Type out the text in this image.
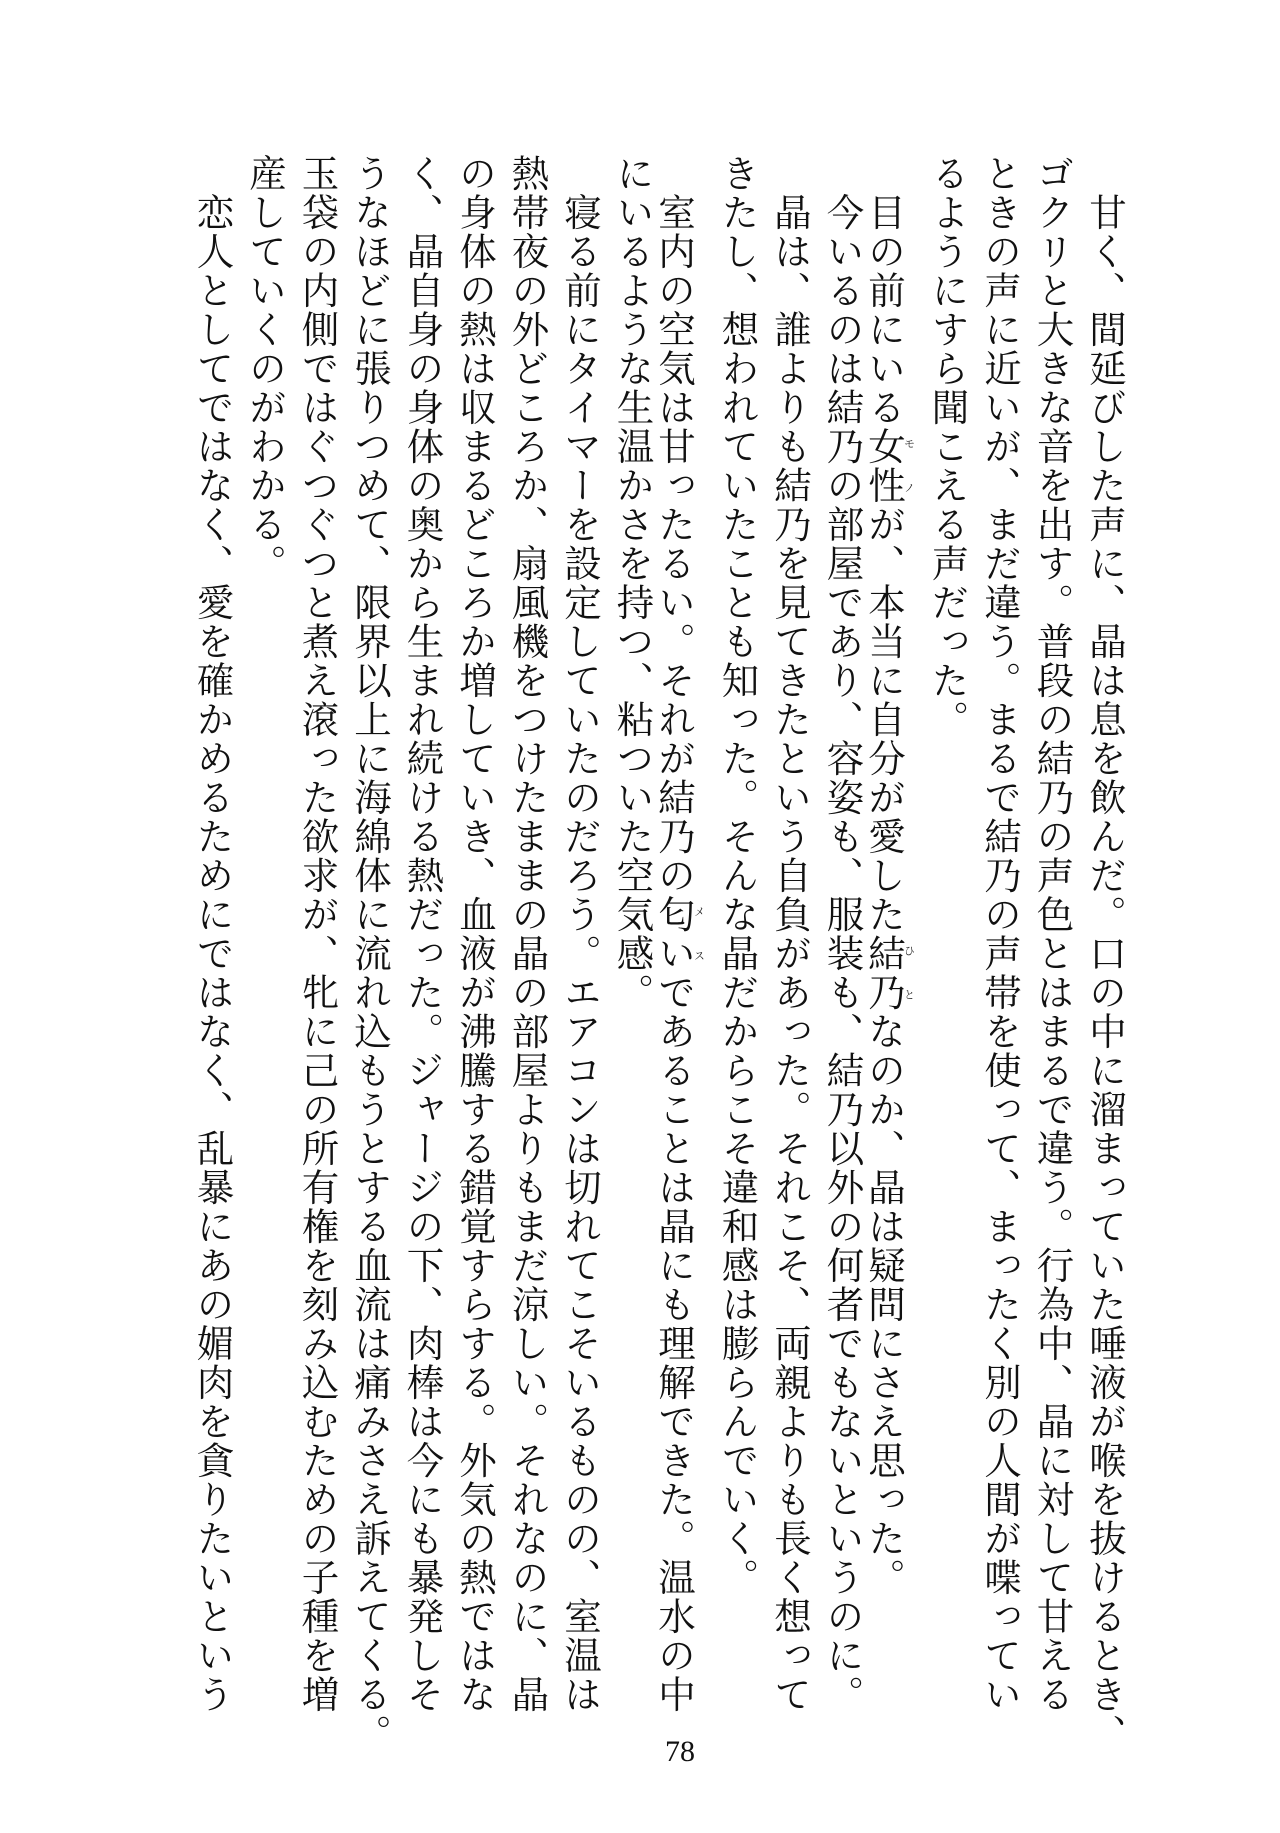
甘く、間延びした声に、晶は息を飲んだ。口の中に溜まっていた唾液が喉を抜けるとき、
ゴクリと大きな音を出す。普段の結乃の声色とはまるで違う。行為中、晶に対して甘える
ときの声に近いが、まだ違う。まるで結乃の声帯を使って、まったく別の人間が喋ってい
るようにすら聞こえる声だった。
目の前にいる女性モノが、本当に自分が愛した結乃ひとなのか、晶は疑問にさえ思った。
今いるのは結乃の部屋であり、容姿も、服装も、結乃以外の何者でもないというのに。
晶は、誰よりも結乃を見てきたという自負があった。それこそ、両親よりも長く想って
きたし、想われていたことも知った。そんな晶だからこそ違和感は膨らんでいく。
室内の空気は甘ったるい。それが結乃の匂いメスであることは晶にも理解できた。温水の中
にいるような生温かさを持つ、粘ついた空気感。
寝る前にタイマーを設定していたのだろう。エアコンは切れてこそいるものの、室温は
熱帯夜の外どころか、扇風機をつけたままの晶の部屋よりもまだ涼しい。それなのに、晶
の身体の熱は収まるどころか増していき、血液が沸騰する錯覚すらする。外気の熱ではな
く、晶自身の身体の奥から生まれ続ける熱だった。ジャージの下、肉棒は今にも暴発しそ
うなほどに張りつめて、限界以上に海綿体に流れ込もうとする血流は痛みさえ訴えてくる。
玉袋の内側ではぐつぐつと煮え滾った欲求が、牝に己の所有権を刻み込むための子種を増
産していくのがわかる。
恋人としてではなく、愛を確かめるためにではなく、乱暴にあの媚肉を貪りたいという
78
